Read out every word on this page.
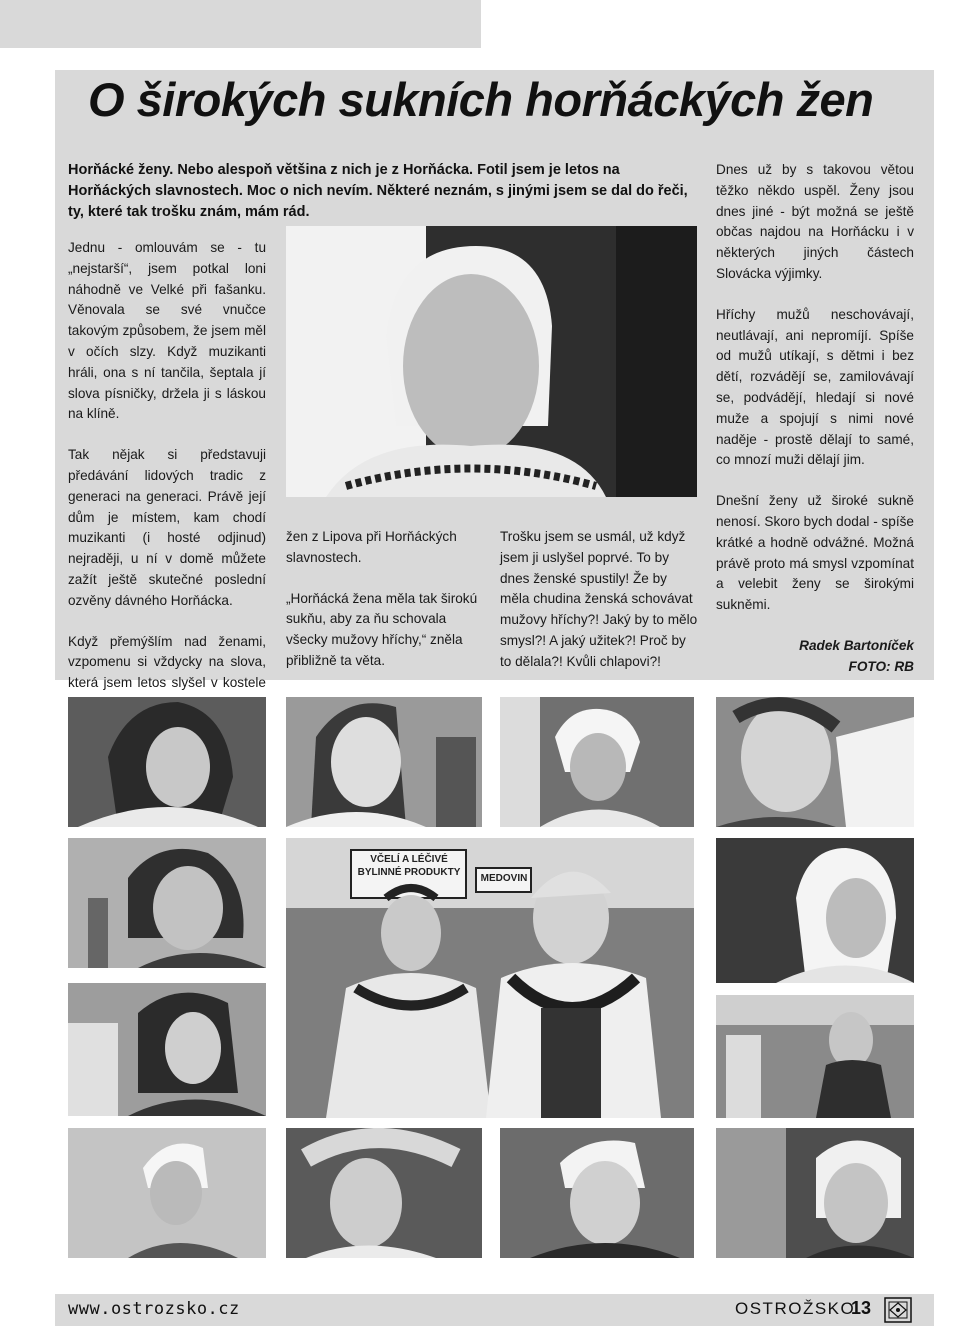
O širokých sukních horňáckých žen

Horňácké ženy. Nebo alespoň většina z nich je z Horňácka. Fotil jsem je letos na Horňáckých slavnostech. Moc o nich nevím. Některé neznám, s jinými jsem se dal do řeči, ty, které tak trošku znám, mám rád.

Jednu - omlouvám se - tu „nejstarší“, jsem potkal loni náhodně ve Velké při fašanku. Věnovala se své vnučce takovým způsobem, že jsem měl v očích slzy. Když muzikanti hráli, ona s ní tančila, šeptala jí slova písničky, držela ji s láskou na klíně.

Tak nějak si představuji předávání lidových tradic z generaci na generaci. Právě její dům je místem, kam chodí muzikanti (i hosté odjinud) nejraději, u ní v domě můžete zažít ještě skutečné poslední ozvěny dávného Horňácka.

Když přemýšlím nad ženami, vzpomenu si vždycky na slova, která jsem letos slyšel v kostele

žen z Lipova při Horňáckých slavnostech.

„Horňácká žena měla tak širokú sukňu, aby za ňu schovala všecky mužovy hříchy,“ zněla přibližně ta věta.

Trošku jsem se usmál, už když jsem ji uslyšel poprvé. To by dnes ženské spustily! Že by měla chudina ženská schovávat mužovy hříchy?! Jaký by to mělo smysl?! A jaký užitek?! Proč by to dělala?! Kvůli chlapovi?!

Dnes už by s takovou větou těžko někdo uspěl. Ženy jsou dnes jiné - být možná se ještě občas najdou na Horňácku i v některých jiných částech Slovácka výjimky.

Hříchy mužů neschovávají, neutlávají, ani nepromíjí. Spíše od mužů utíkají, s dětmi i bez dětí, rozvádějí se, zamilovávají se, podvádějí, hledají si nové muže a spojují s nimi nové naděje - prostě dělají to samé, co mnozí muži dělají jim.

Dnešní ženy už široké sukně nenosí. Skoro bych dodal - spíše krátké a hodně odvážné. Možná právě proto má smysl vzpomínat a velebit ženy se širokými sukněmi.

Radek Bartoníček

FOTO: RB

VČELÍ A LÉČIVÉ BYLINNÉ PRODUKTY
MEDOVIN
www.ostrozsko.cz	OSTROŽSKO
13
